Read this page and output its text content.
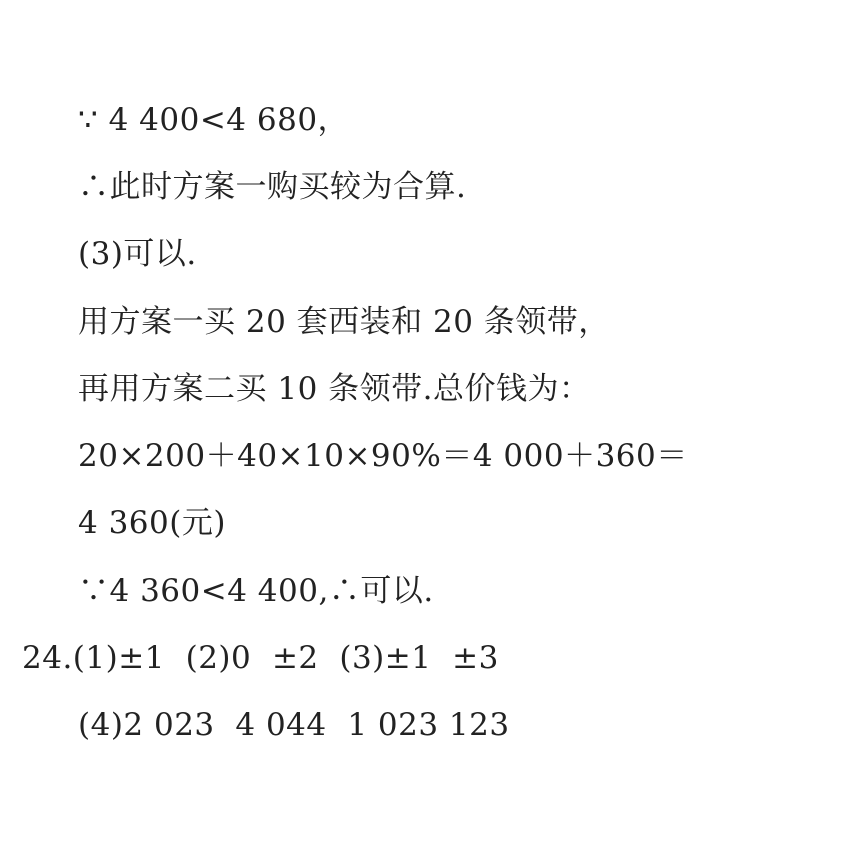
∵ 4 400<4 680，
∴此时方案一购买较为合算.
(3)可以.
用方案一买 20 套西装和 20 条领带，
再用方案二买 10 条领带.总价钱为：
20×200＋40×10×90%＝4 000＋360＝
4 360(元)
∵4 360<4 400,∴可以.
24.(1)±1  (2)0  ±2  (3)±1  ±3
(4)2 023  4 044  1 023 123
